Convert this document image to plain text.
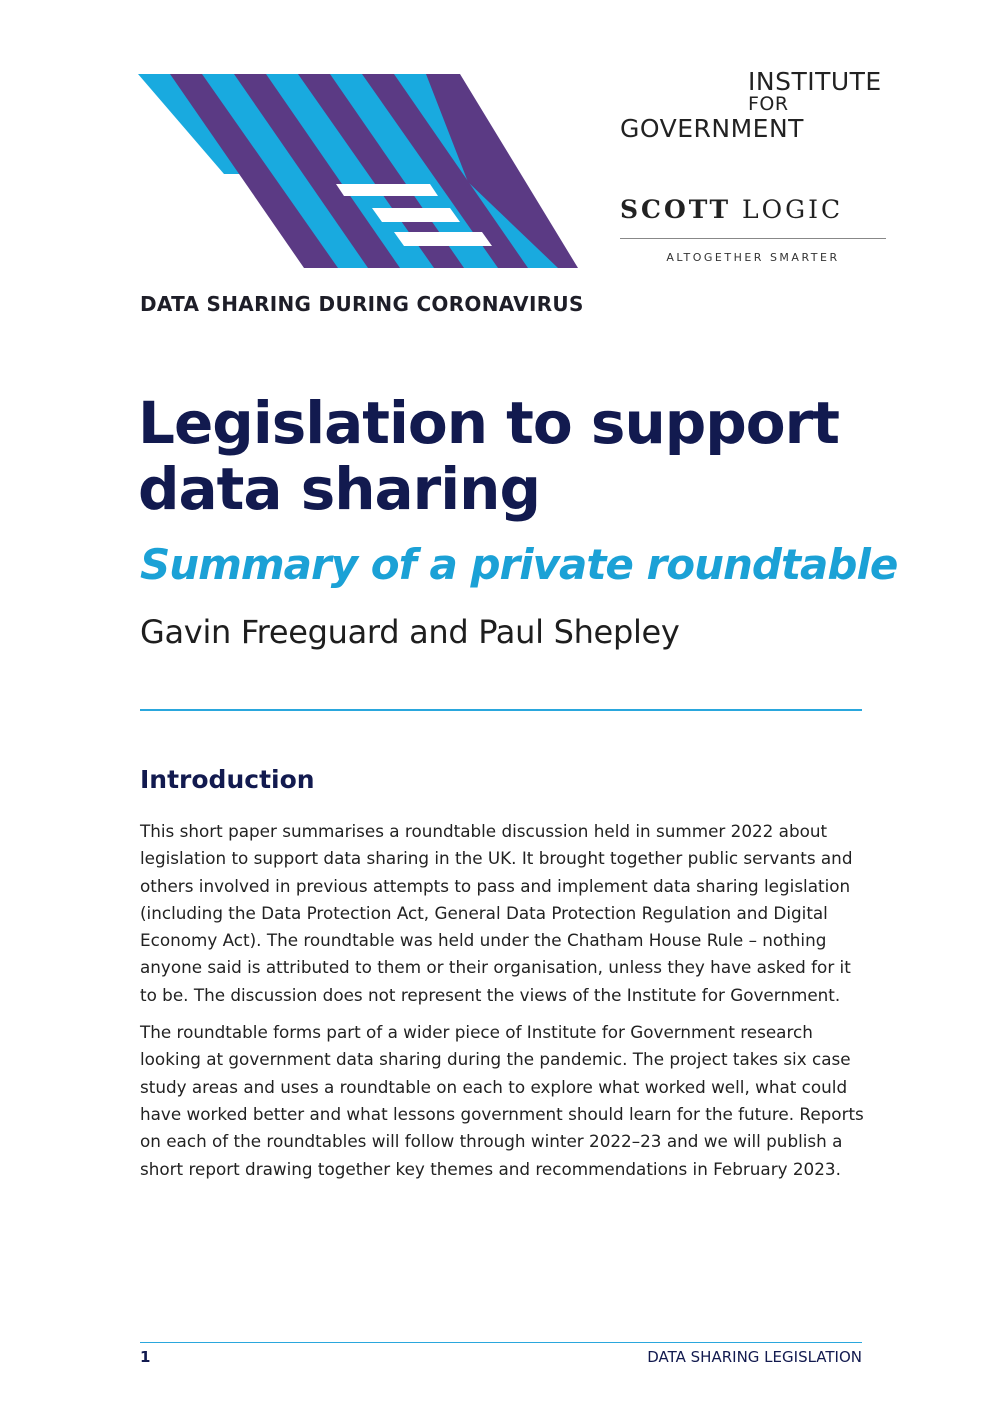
INSTITUTE
FOR
GOVERNMENT
SCOTT LOGIC
ALTOGETHER SMARTER
DATA SHARING DURING CORONAVIRUS
Legislation to support data sharing
Summary of a private roundtable
Gavin Freeguard and Paul Shepley
Introduction

This short paper summarises a roundtable discussion held in summer 2022 about legislation to support data sharing in the UK. It brought together public servants and others involved in previous attempts to pass and implement data sharing legislation (including the Data Protection Act, General Data Protection Regulation and Digital Economy Act). The roundtable was held under the Chatham House Rule – nothing anyone said is attributed to them or their organisation, unless they have asked for it to be. The discussion does not represent the views of the Institute for Government.

The roundtable forms part of a wider piece of Institute for Government research looking at government data sharing during the pandemic. The project takes six case study areas and uses a roundtable on each to explore what worked well, what could have worked better and what lessons government should learn for the future. Reports on each of the roundtables will follow through winter 2022–23 and we will publish a short report drawing together key themes and recommendations in February 2023.

1	DATA SHARING LEGISLATION
